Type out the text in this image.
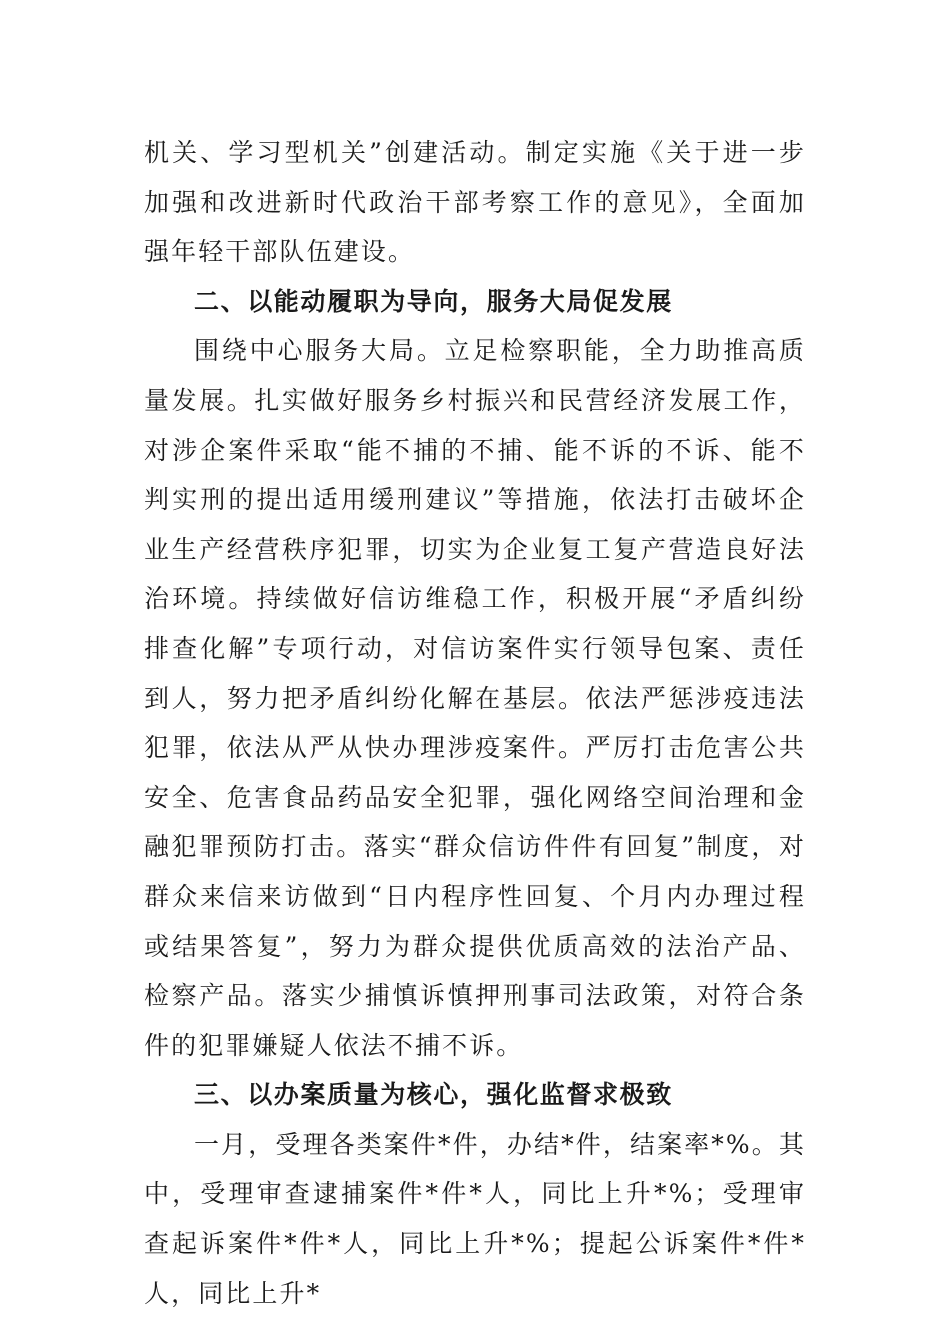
机关、学习型机关”创建活动。制定实施《关于进一步加强和改进新时代政治干部考察工作的意见》，全面加强年轻干部队伍建设。

二、以能动履职为导向，服务大局促发展

围绕中心服务大局。立足检察职能，全力助推高质量发展。扎实做好服务乡村振兴和民营经济发展工作，对涉企案件采取“能不捕的不捕、能不诉的不诉、能不判实刑的提出适用缓刑建议”等措施，依法打击破坏企业生产经营秩序犯罪，切实为企业复工复产营造良好法治环境。持续做好信访维稳工作，积极开展“矛盾纠纷排查化解”专项行动，对信访案件实行领导包案、责任到人，努力把矛盾纠纷化解在基层。依法严惩涉疫违法犯罪，依法从严从快办理涉疫案件。严厉打击危害公共安全、危害食品药品安全犯罪，强化网络空间治理和金融犯罪预防打击。落实“群众信访件件有回复”制度，对群众来信来访做到“日内程序性回复、个月内办理过程或结果答复”，努力为群众提供优质高效的法治产品、检察产品。落实少捕慎诉慎押刑事司法政策，对符合条件的犯罪嫌疑人依法不捕不诉。

三、以办案质量为核心，强化监督求极致

一月，受理各类案件*件，办结*件，结案率*%。其中，受理审查逮捕案件*件*人，同比上升*%；受理审查起诉案件*件*人，同比上升*%；提起公诉案件*件*人，同比上升*
